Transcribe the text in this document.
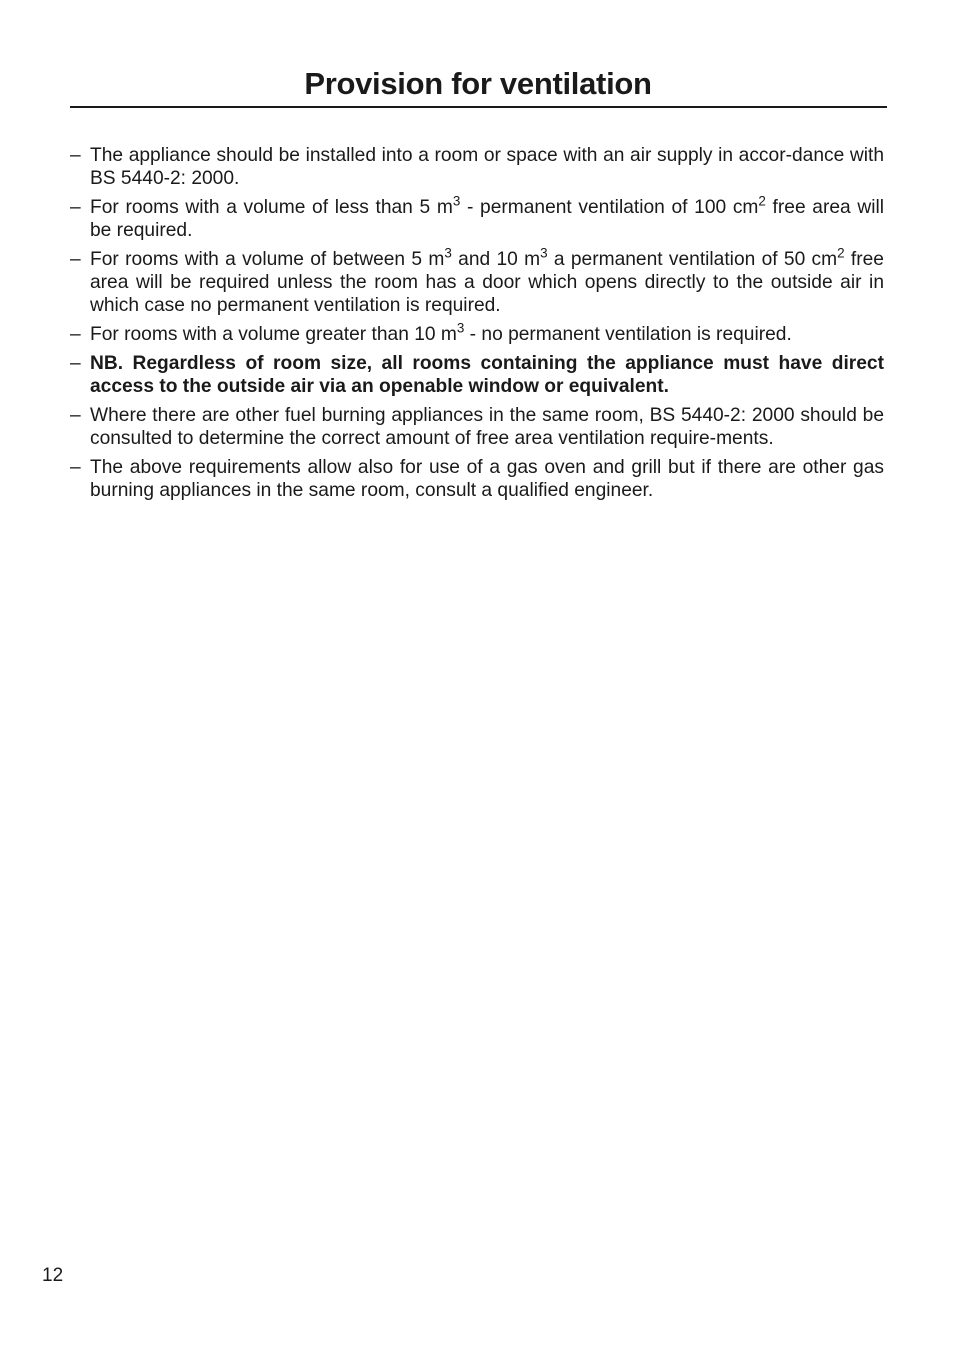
Provision for ventilation
– The appliance should be installed into a room or space with an air supply in accor-dance with BS 5440-2: 2000.
– For rooms with a volume of less than 5 $m^3$ - permanent ventilation of 100 $cm^2$ free area will be required.
– For rooms with a volume of between 5 $m^3$ and 10 $m^3$ a permanent ventilation of 50 $cm^2$ free area will be required unless the room has a door which opens directly to the outside air in which case no permanent ventilation is required.
– For rooms with a volume greater than 10 $m^3$ - no permanent ventilation is required.
– NB. Regardless of room size, all rooms containing the appliance must have direct access to the outside air via an openable window or equivalent.
– Where there are other fuel burning appliances in the same room, BS 5440-2: 2000 should be consulted to determine the correct amount of free area ventilation require-ments.
– The above requirements allow also for use of a gas oven and grill but if there are other gas burning appliances in the same room, consult a qualified engineer.
12
